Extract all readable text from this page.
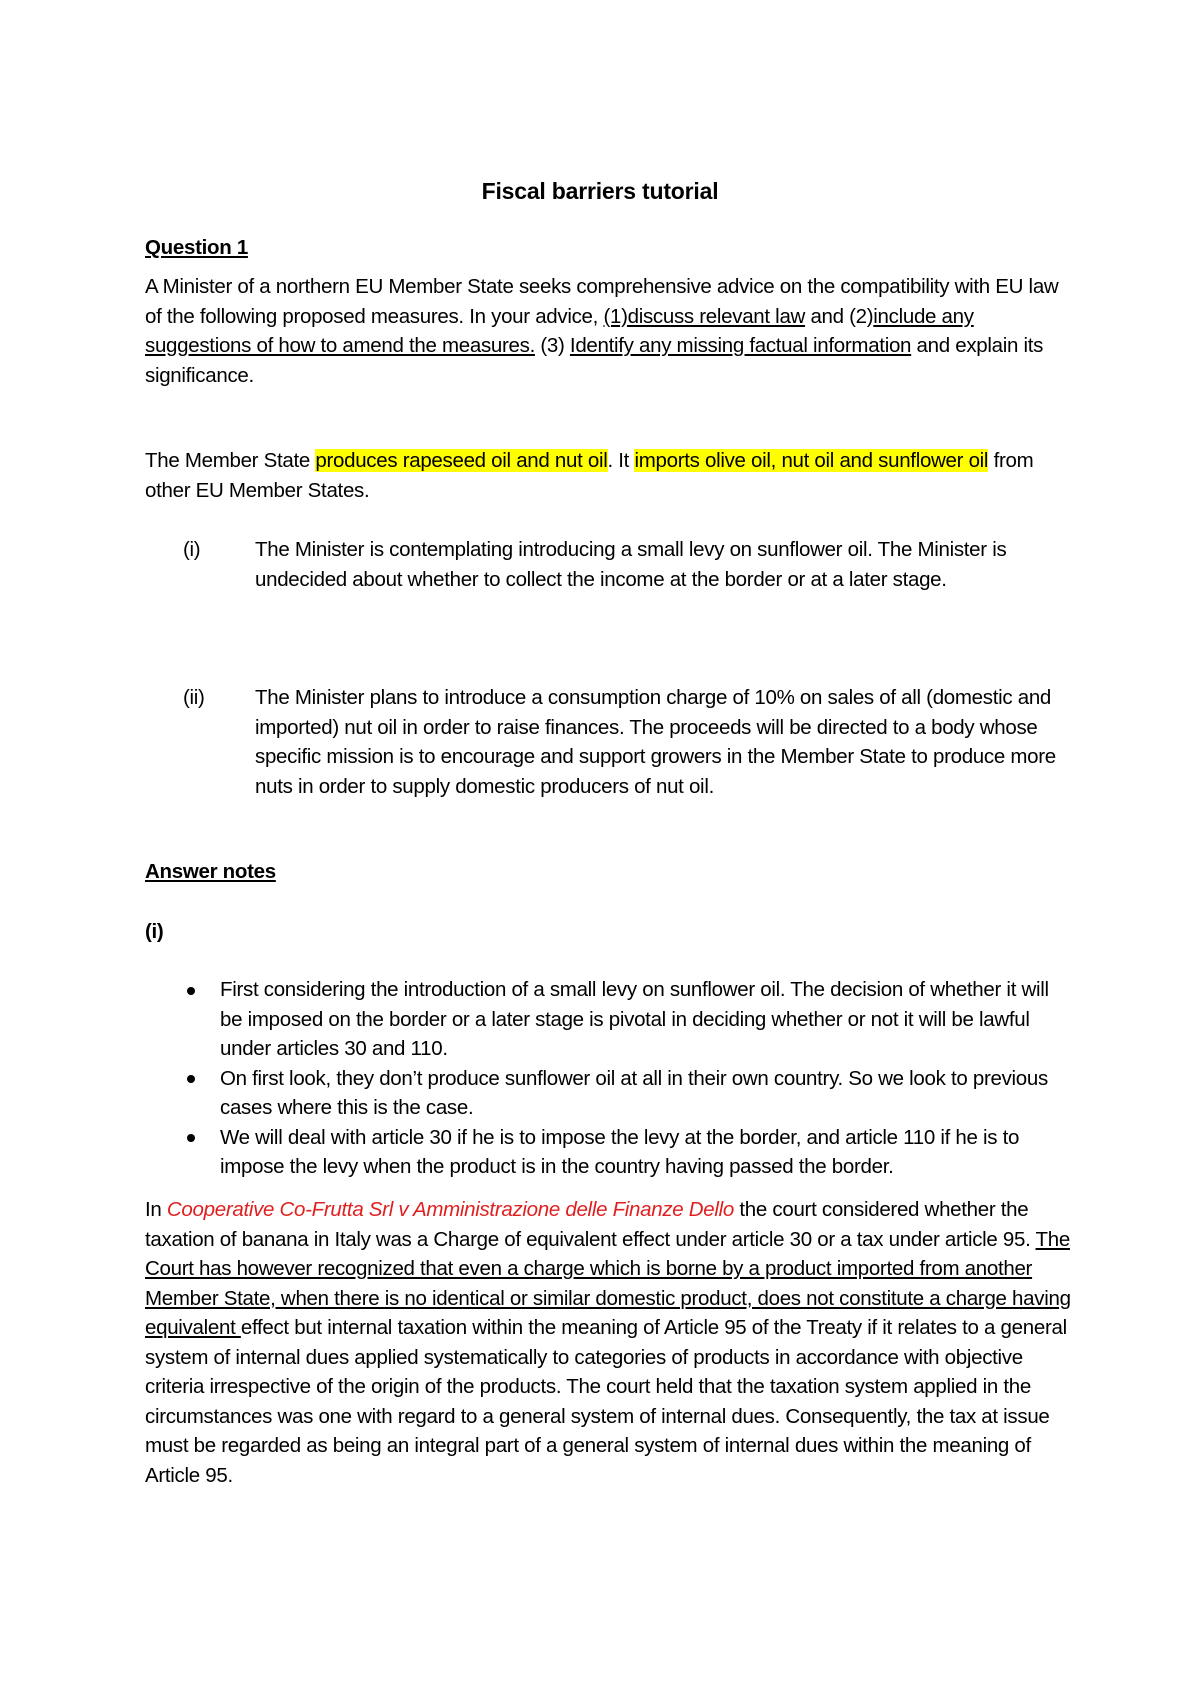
Fiscal barriers tutorial
Question 1
A Minister of a northern EU Member State seeks comprehensive advice on the compatibility with EU law of the following proposed measures. In your advice, (1)discuss relevant law and (2)include any suggestions of how to amend the measures. (3) Identify any missing factual information and explain its significance.
The Member State produces rapeseed oil and nut oil. It imports olive oil, nut oil and sunflower oil from other EU Member States.
(i)	The Minister is contemplating introducing a small levy on sunflower oil. The Minister is undecided about whether to collect the income at the border or at a later stage.
(ii)	The Minister plans to introduce a consumption charge of 10% on sales of all (domestic and imported) nut oil in order to raise finances. The proceeds will be directed to a body whose specific mission is to encourage and support growers in the Member State to produce more nuts in order to supply domestic producers of nut oil.
Answer notes
(i)
First considering the introduction of a small levy on sunflower oil. The decision of whether it will be imposed on the border or a later stage is pivotal in deciding whether or not it will be lawful under articles 30 and 110.
On first look, they don’t produce sunflower oil at all in their own country. So we look to previous cases where this is the case.
We will deal with article 30 if he is to impose the levy at the border, and article 110 if he is to impose the levy when the product is in the country having passed the border.
In Cooperative Co-Frutta Srl v Amministrazione delle Finanze Dello the court considered whether the taxation of banana in Italy was a Charge of equivalent effect under article 30 or a tax under article 95. The Court has however recognized that even a charge which is borne by a product imported from another Member State, when there is no identical or similar domestic product, does not constitute a charge having equivalent effect but internal taxation within the meaning of Article 95 of the Treaty if it relates to a general system of internal dues applied systematically to categories of products in accordance with objective criteria irrespective of the origin of the products. The court held that the taxation system applied in the circumstances was one with regard to a general system of internal dues. Consequently, the tax at issue must be regarded as being an integral part of a general system of internal dues within the meaning of Article 95.
